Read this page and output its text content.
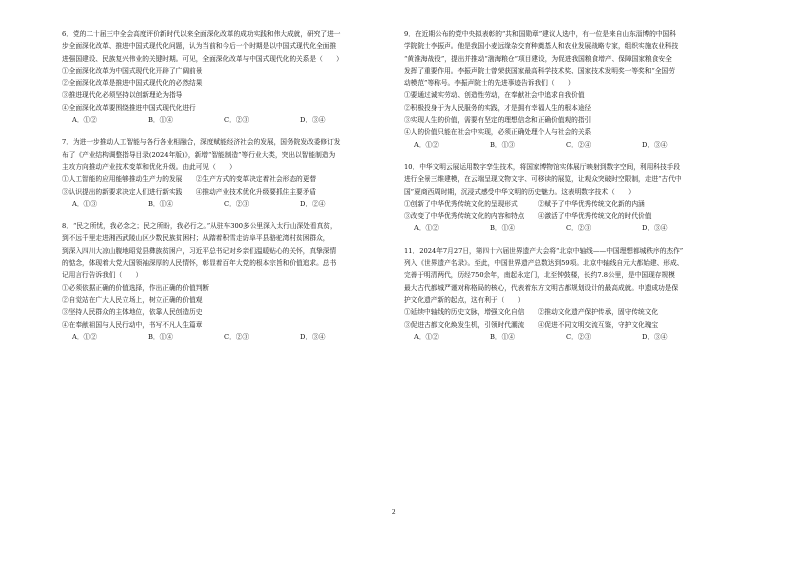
6．党的二十届三中全会高度评价新时代以来全面深化改革的成功实践和伟大成就，研究了进一

步全面深化改革、推进中国式现代化问题，认为当前和今后一个时期是以中国式现代化全面推

进强国建设、民族复兴伟业的关键时期。可见，全面深化改革与中国式现代化的关系是（　　）

①全面深化改革为中国式现代化开辟了广阔前景

②全面深化改革是推进中国式现代化的必然结果

③推进现代化必须坚持以创新理论为指导

④全面深化改革要围绕推进中国式现代化进行

A．①②	B．①④	C．②③	D．③④

7．为进一步推动人工智能与各行各业相融合，深度赋能经济社会的发展，国务院发改委修订发

布了《产业结构调整指导目录(2024年版)》，新增“智能制造”等行业大类，突出以智能制造为

主攻方向推动产业技术变革和优化升级。由此可见（　　）

①人工智能的应用能够推动生产力的发展　　②生产方式的变革决定着社会形态的更替

③认识提出的新要求决定人们进行新实践　　④推动产业技术优化升级要抓住主要矛盾

A．①③	B．①④	C．②③	D．②④

8．“民之所忧，我必念之；民之所盼，我必行之。”从驻车300多公里深入太行山深处看真贫，

到不远千里走进湘西武陵山区少数民族贫困村；从踏着积雪走访阜平县骆驼湾村贫困群众，

到深入四川大凉山腹地昭觉县彝族贫困户，习近平总书记对乡亲们温暖贴心的关怀，真挚深情

的惦念，体现着大党大国领袖深厚的人民情怀，彰显着百年大党的根本宗旨和价值追求。总书

记用言行告诉我们（　　）

①必须依据正确的价值选择，作出正确的价值判断

②自觉站在广大人民立场上，树立正确的价值观

③坚持人民群众的主体地位，依靠人民创造历史

④在奉献祖国与人民行动中，书写不凡人生篇章

A．①②	B．①④	C．②③	D．③④

9．在近期公布的党中央拟表彰的“共和国勋章”建议人选中，有一位是来自山东淄博的中国科

学院院士李振声。他是我国小麦远缘杂交育种奠基人和农业发展战略专家，组织实施农业科技

“黄淮海战役”，提出并推动“渤海粮仓”项目建设，为促进我国粮食增产、保障国家粮食安全

发挥了重要作用。李振声院士曾荣获国家最高科学技术奖、国家技术发明奖一等奖和“全国劳

动模范”等称号。李振声院士的先进事迹告诉我们（　　）

①要通过诚实劳动、创造性劳动，在奉献社会中追求自我价值

②积极投身于为人民服务的实践，才是拥有幸福人生的根本途径

③实现人生的价值，需要有坚定的理想信念和正确价值观的指引

④人的价值只能在社会中实现，必须正确处理个人与社会的关系

A．①②	B．①③	C．②④	D．③④

10．中华文明云展运用数字孪生技术，将国家博物馆实体展厅映射到数字空间，利用科技手段

进行全景三维建模，在云端呈现文物文字、可移读的展览，让观众突破时空限制，走进“古代中

国”夏商西周时期，沉浸式感受中华文明的历史魅力。这表明数字技术（　　）

①创新了中华优秀传统文化的呈现形式　　　②赋予了中华优秀传统文化新的内涵

③改变了中华优秀传统文化的内容和特点　　④激活了中华优秀传统文化的时代价值

A．①②	B．①④	C．②③	D．③④

11．2024年7月27日，第四十六届世界遗产大会将“北京中轴线——中国理想都城秩序的杰作”

列入《世界遗产名录》。至此，中国世界遗产总数达到59项。北京中轴线自元大都始建、形成、

完善于明清两代，历经750余年，南起永定门，北至钟鼓楼，长约7.8公里，是中国现存规模

最大古代都城严谨对称格局的核心，代表着东方文明古都规划设计的最高成就。申遗成功是保

护文化遗产新的起点，这有利于（　　）

①延续中轴线的历史文脉，增强文化自信　　②推动文化遗产保护传承，固守传统文化

③促进古都文化焕发生机，引领时代潮流　　④促进不同文明交流互鉴，守护文化瑰宝

A．①②	B．①④	C．②③	D．③④
2
